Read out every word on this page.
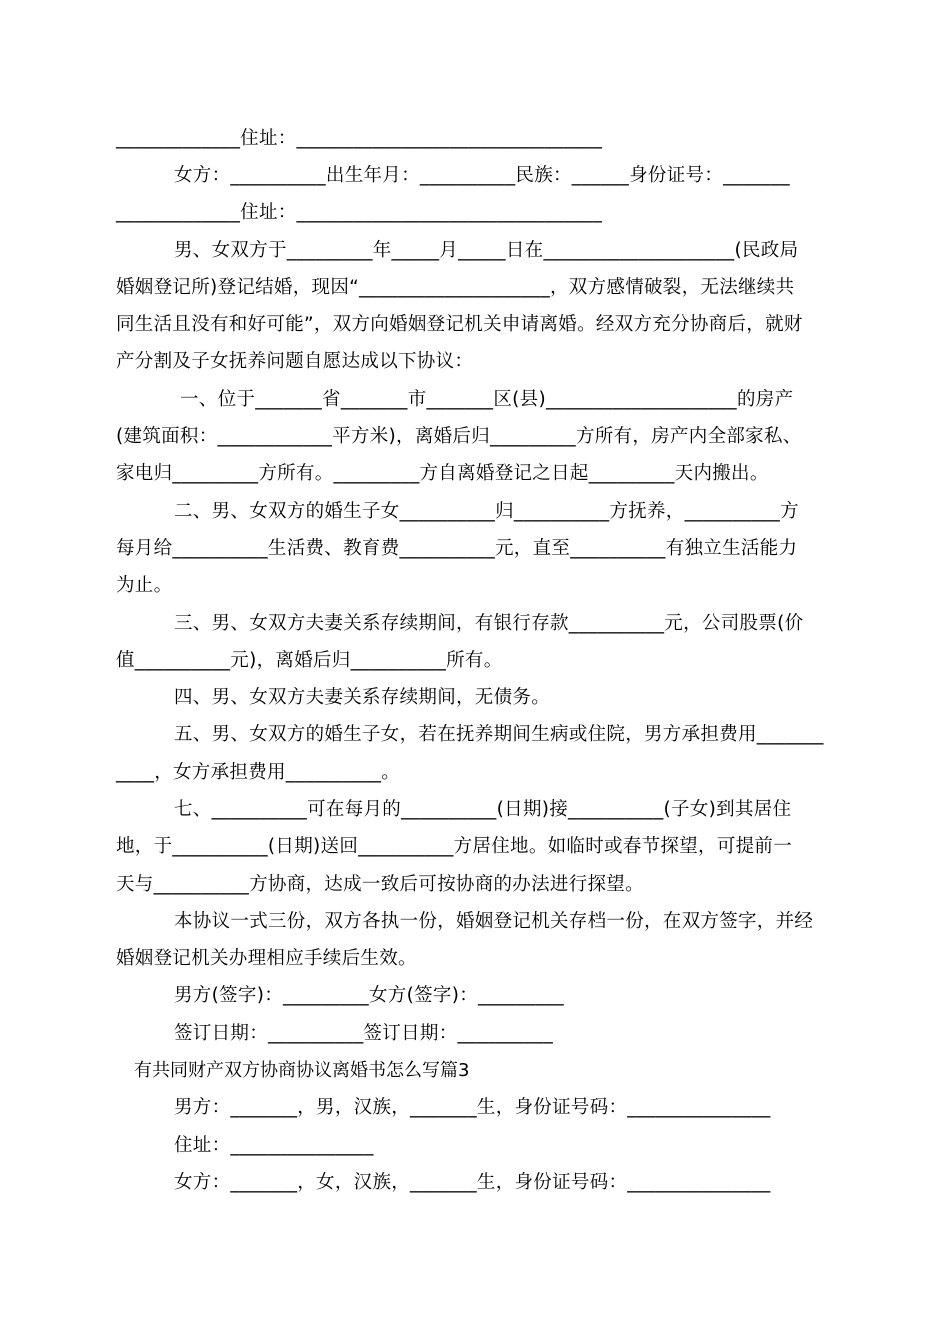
_____________住址：________________________________
女方：__________出生年月：__________民族：______身份证号：_______
_____________住址：________________________________
男、女双方于_________年_____月_____日在____________________(民政局
婚姻登记所)登记结婚，现因“____________________，双方感情破裂，无法继续共
同生活且没有和好可能”，双方向婚姻登记机关申请离婚。经双方充分协商后，就财
产分割及子女抚养问题自愿达成以下协议：
一、位于_______省_______市_______区(县)____________________的房产
(建筑面积：____________平方米)，离婚后归_________方所有，房产内全部家私、
家电归_________方所有。_________方自离婚登记之日起_________天内搬出。
二、男、女双方的婚生子女__________归__________方抚养，__________方
每月给__________生活费、教育费__________元，直至__________有独立生活能力
为止。
三、男、女双方夫妻关系存续期间，有银行存款__________元，公司股票(价
值__________元)，离婚后归__________所有。
四、男、女双方夫妻关系存续期间，无债务。
五、男、女双方的婚生子女，若在抚养期间生病或住院，男方承担费用_______
____，女方承担费用__________。
七、__________可在每月的__________(日期)接__________(子女)到其居住
地，于__________(日期)送回__________方居住地。如临时或春节探望，可提前一
天与__________方协商，达成一致后可按协商的办法进行探望。
本协议一式三份，双方各执一份，婚姻登记机关存档一份，在双方签字，并经
婚姻登记机关办理相应手续后生效。
男方(签字)：_________女方(签字)：_________
签订日期：__________签订日期：__________
有共同财产双方协商协议离婚书怎么写篇3
男方：_______，男，汉族，_______生，身份证号码：_______________
住址：_______________
女方：_______，女，汉族，_______生，身份证号码：_______________
